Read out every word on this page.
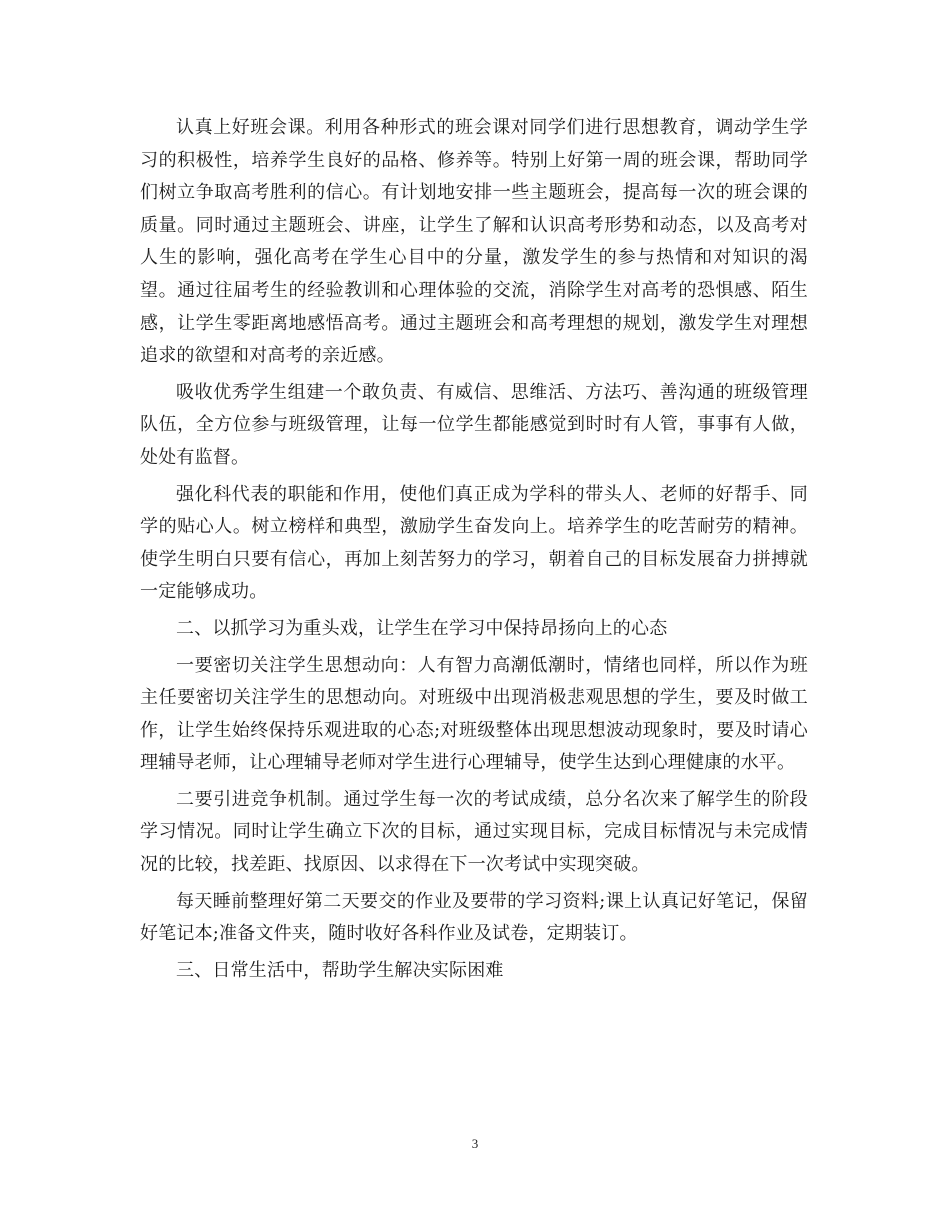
认真上好班会课。利用各种形式的班会课对同学们进行思想教育，调动学生学习的积极性，培养学生良好的品格、修养等。特别上好第一周的班会课，帮助同学们树立争取高考胜利的信心。有计划地安排一些主题班会，提高每一次的班会课的质量。同时通过主题班会、讲座，让学生了解和认识高考形势和动态，以及高考对人生的影响，强化高考在学生心目中的分量，激发学生的参与热情和对知识的渴望。通过往届考生的经验教训和心理体验的交流，消除学生对高考的恐惧感、陌生感，让学生零距离地感悟高考。通过主题班会和高考理想的规划，激发学生对理想追求的欲望和对高考的亲近感。

吸收优秀学生组建一个敢负责、有威信、思维活、方法巧、善沟通的班级管理队伍，全方位参与班级管理，让每一位学生都能感觉到时时有人管，事事有人做，处处有监督。

强化科代表的职能和作用，使他们真正成为学科的带头人、老师的好帮手、同学的贴心人。树立榜样和典型，激励学生奋发向上。培养学生的吃苦耐劳的精神。使学生明白只要有信心，再加上刻苦努力的学习，朝着自己的目标发展奋力拼搏就一定能够成功。

二、以抓学习为重头戏，让学生在学习中保持昂扬向上的心态

一要密切关注学生思想动向：人有智力高潮低潮时，情绪也同样，所以作为班主任要密切关注学生的思想动向。对班级中出现消极悲观思想的学生，要及时做工作，让学生始终保持乐观进取的心态;对班级整体出现思想波动现象时，要及时请心理辅导老师，让心理辅导老师对学生进行心理辅导，使学生达到心理健康的水平。

二要引进竞争机制。通过学生每一次的考试成绩，总分名次来了解学生的阶段学习情况。同时让学生确立下次的目标，通过实现目标，完成目标情况与未完成情况的比较，找差距、找原因、以求得在下一次考试中实现突破。

每天睡前整理好第二天要交的作业及要带的学习资料;课上认真记好笔记，保留好笔记本;准备文件夹，随时收好各科作业及试卷，定期装订。

三、日常生活中，帮助学生解决实际困难

3
